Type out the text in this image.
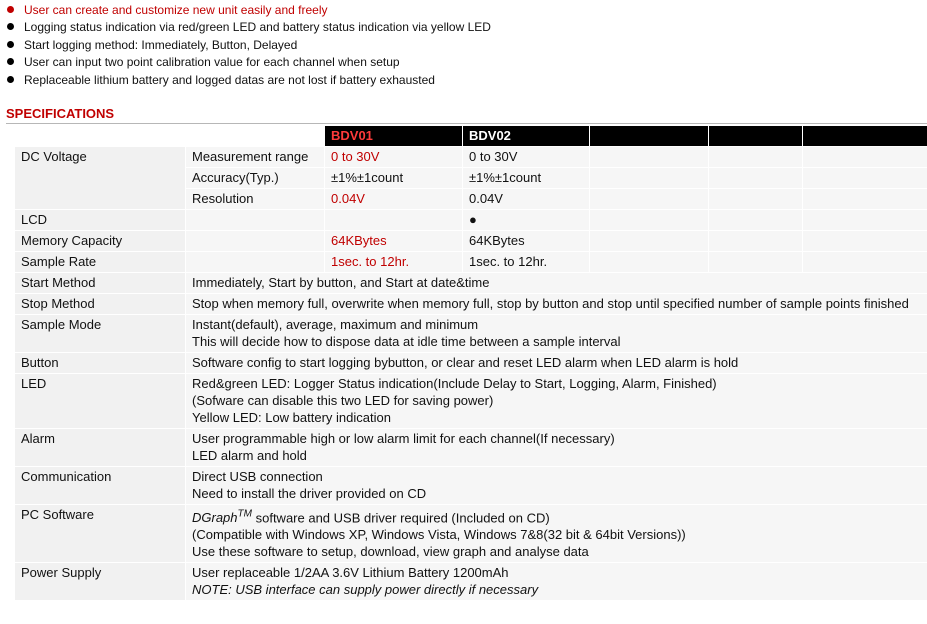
User can create and customize new unit easily and freely
Logging status indication via red/green LED and battery status indication via yellow LED
Start logging method: Immediately, Button, Delayed
User can input two point calibration value for each channel when setup
Replaceable lithium battery and logged datas are not lost if battery exhausted
SPECIFICATIONS
		BDV01	BDV02			
DC Voltage	Measurement range	0 to 30V	0 to 30V			
	Accuracy(Typ.)	±1%±1count	±1%±1count			
	Resolution	0.04V	0.04V			
LCD			●			
Memory Capacity		64KBytes	64KBytes			
Sample Rate		1sec. to 12hr.	1sec. to 12hr.			
Start Method	Immediately, Start by button, and Start at date&time					
Stop Method	Stop when memory full, overwrite when memory full, stop by button and stop until specified number of sample points finished					
Sample Mode	Instant(default), average, maximum and minimum
This will decide how to dispose data at idle time between a sample interval					

Button	Software config to start logging bybutton, or clear and reset LED alarm when LED alarm is hold					
LED	Red&green LED: Logger Status indication(Include Delay to Start, Logging, Alarm, Finished)
(Sofware can disable this two LED for saving power)
Yellow LED: Low battery indication					

Alarm	User programmable high or low alarm limit for each channel(If necessary)
LED alarm and hold					

Communication	Direct USB connection
Need to install the driver provided on CD					

PC Software	DGraph™ software and USB driver required (Included on CD)
(Compatible with Windows XP, Windows Vista, Windows 7&8(32 bit & 64bit Versions))
Use these software to setup, download, view graph and analyse data					

Power Supply	User replaceable 1/2AA 3.6V Lithium Battery 1200mAh
NOTE: USB interface can supply power directly if necessary					
